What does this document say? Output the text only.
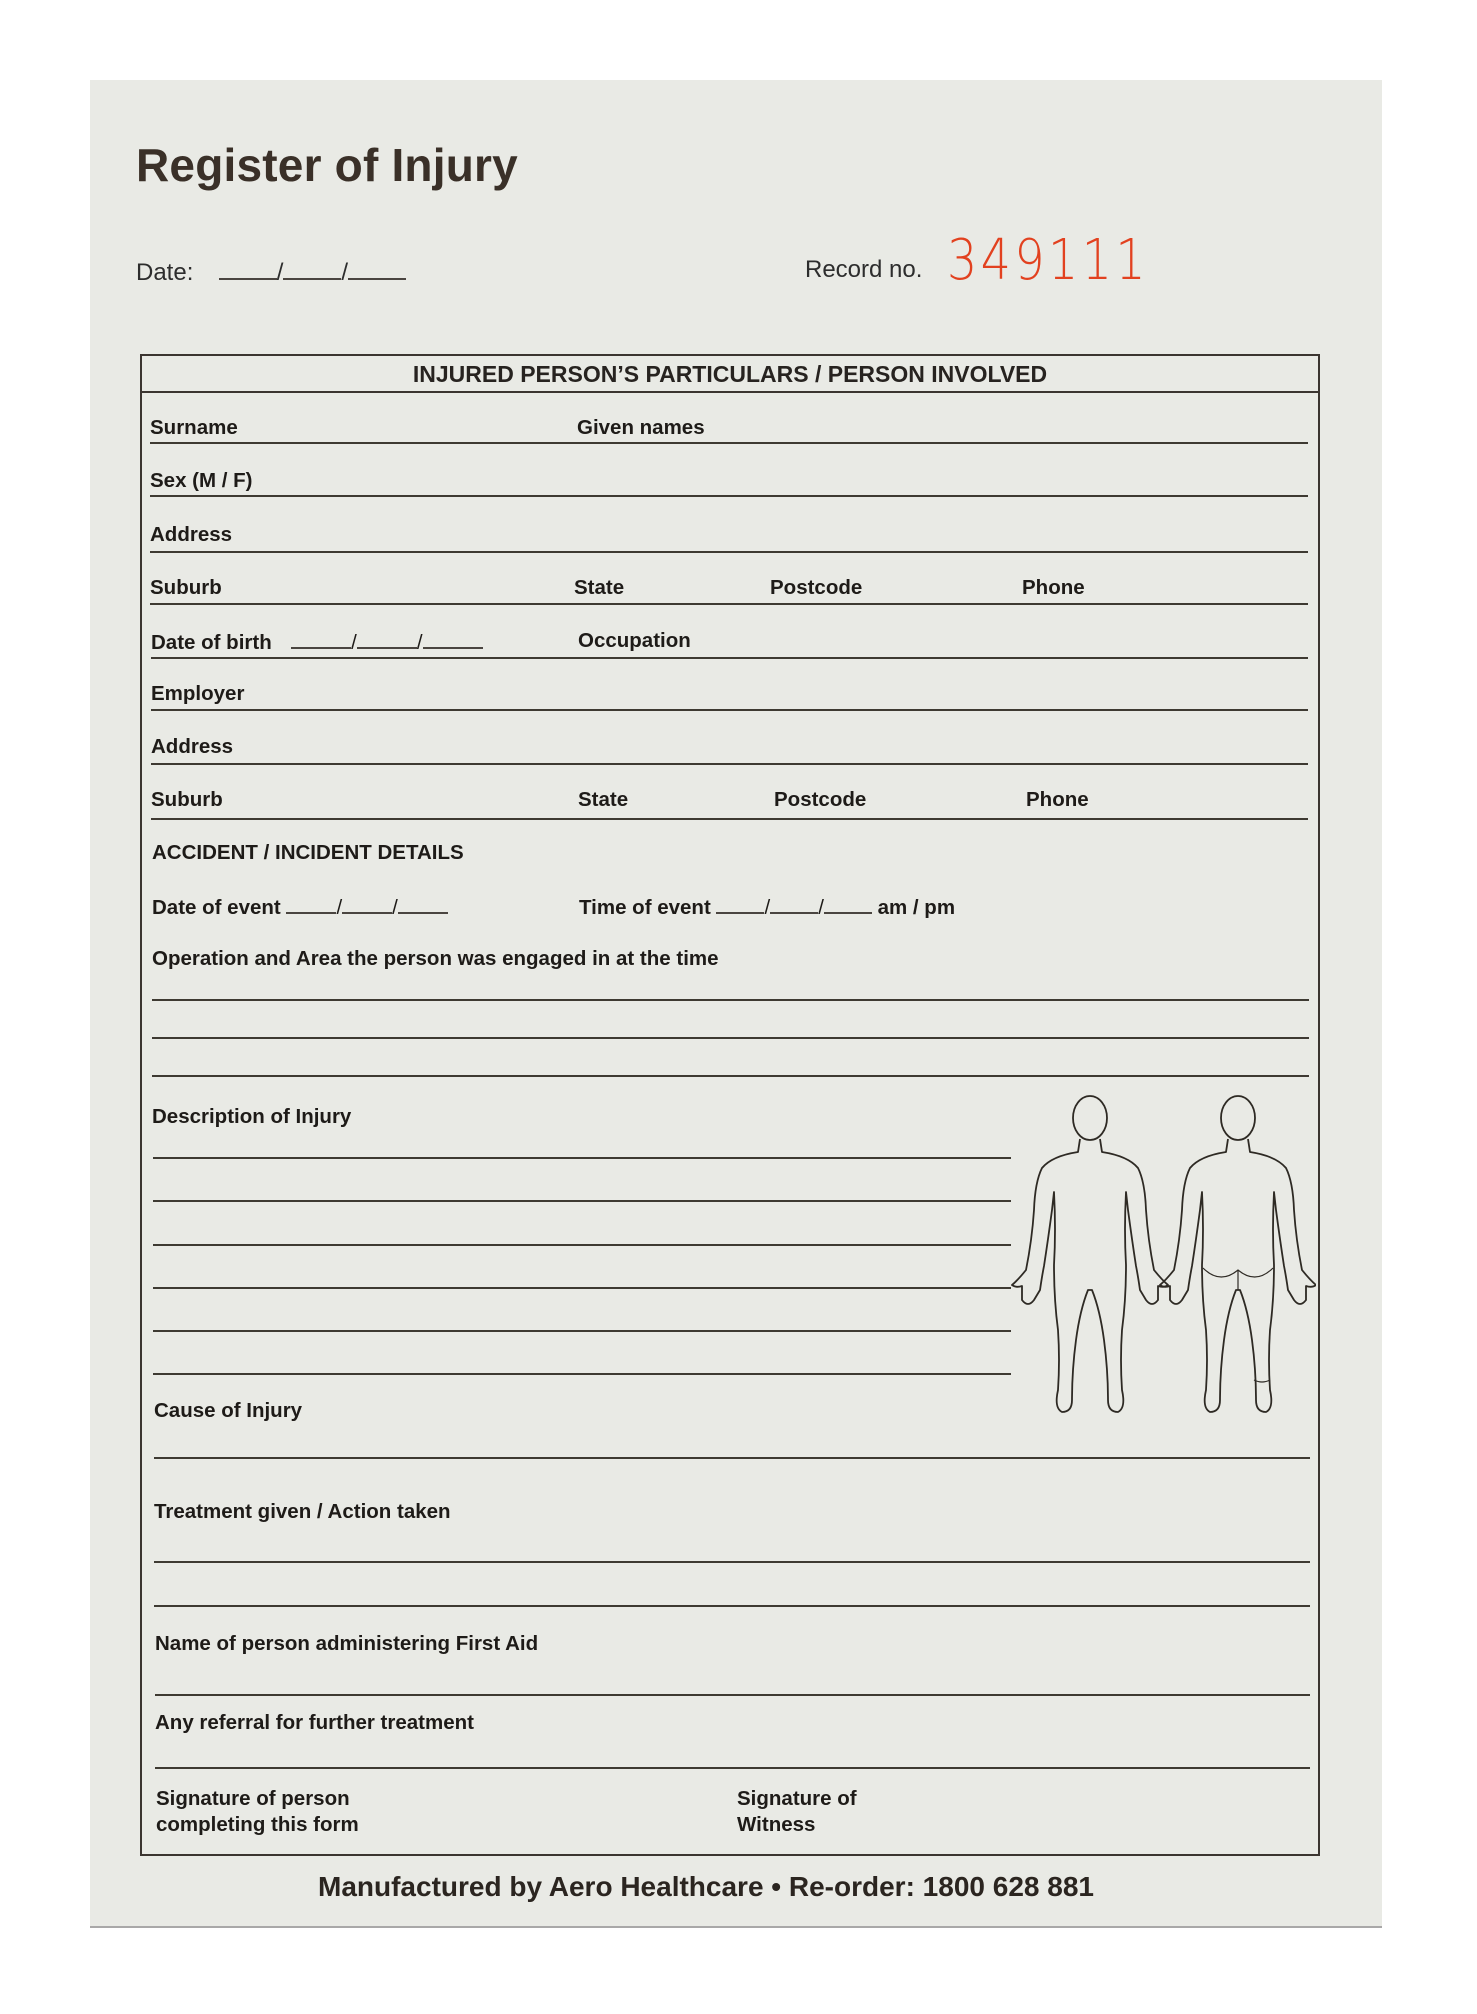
Register of Injury
Date:	/ /	Record no. 349111
INJURED PERSON’S PARTICULARS / PERSON INVOLVED
Surname	Given names
Sex (M / F)
Address
Suburb	State	Postcode	Phone
Date of birth	/	/	Occupation
Employer
Address
Suburb	State	Postcode	Phone
ACCIDENT / INCIDENT DETAILS
Date of event	/ /	Time of event	/ /	am / pm
Operation and Area the person was engaged in at the time
Description of Injury
Cause of Injury
Treatment given / Action taken
Name of person administering First Aid
Any referral for further treatment
Signature of person
completing this form
Signature of
Witness
Manufactured by Aero Healthcare • Re-order: 1800 628 881
